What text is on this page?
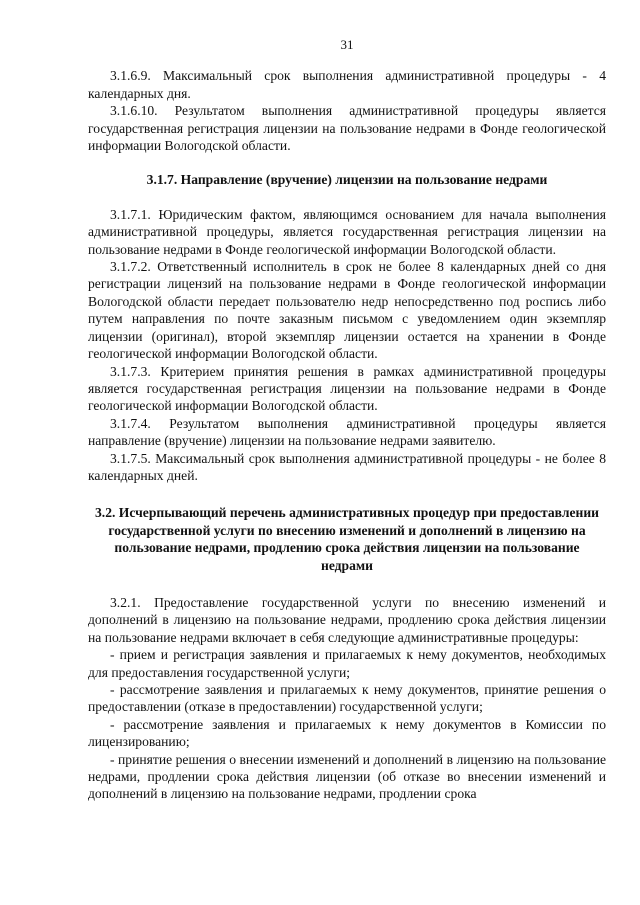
31

3.1.6.9. Максимальный срок выполнения административной процедуры - 4 календарных дня.

3.1.6.10. Результатом выполнения административной процедуры является государственная регистрация лицензии на пользование недрами в Фонде геологической информации Вологодской области.

3.1.7. Направление (вручение) лицензии на пользование недрами

3.1.7.1. Юридическим фактом, являющимся основанием для начала выполнения административной процедуры, является государственная регистрация лицензии на пользование недрами в Фонде геологической информации Вологодской области.

3.1.7.2. Ответственный исполнитель в срок не более 8 календарных дней со дня регистрации лицензий на пользование недрами в Фонде геологической информации Вологодской области передает пользователю недр непосредственно под роспись либо путем направления по почте заказным письмом с уведомлением один экземпляр лицензии (оригинал), второй экземпляр лицензии остается на хранении в Фонде геологической информации Вологодской области.

3.1.7.3. Критерием принятия решения в рамках административной процедуры является государственная регистрация лицензии на пользование недрами в Фонде геологической информации Вологодской области.

3.1.7.4. Результатом выполнения административной процедуры является направление (вручение) лицензии на пользование недрами заявителю.

3.1.7.5. Максимальный срок выполнения административной процедуры - не более 8 календарных дней.

3.2. Исчерпывающий перечень административных процедур при предоставлении государственной услуги по внесению изменений и дополнений в лицензию на пользование недрами, продлению срока действия лицензии на пользование недрами

3.2.1. Предоставление государственной услуги по внесению изменений и дополнений в лицензию на пользование недрами, продлению срока действия лицензии на пользование недрами включает в себя следующие административные процедуры:

- прием и регистрация заявления и прилагаемых к нему документов, необходимых для предоставления государственной услуги;

- рассмотрение заявления и прилагаемых к нему документов, принятие решения о предоставлении (отказе в предоставлении) государственной услуги;

- рассмотрение заявления и прилагаемых к нему документов в Комиссии по лицензированию;

- принятие решения о внесении изменений и дополнений в лицензию на пользование недрами, продлении срока действия лицензии (об отказе во внесении изменений и дополнений в лицензию на пользование недрами, продлении срока
